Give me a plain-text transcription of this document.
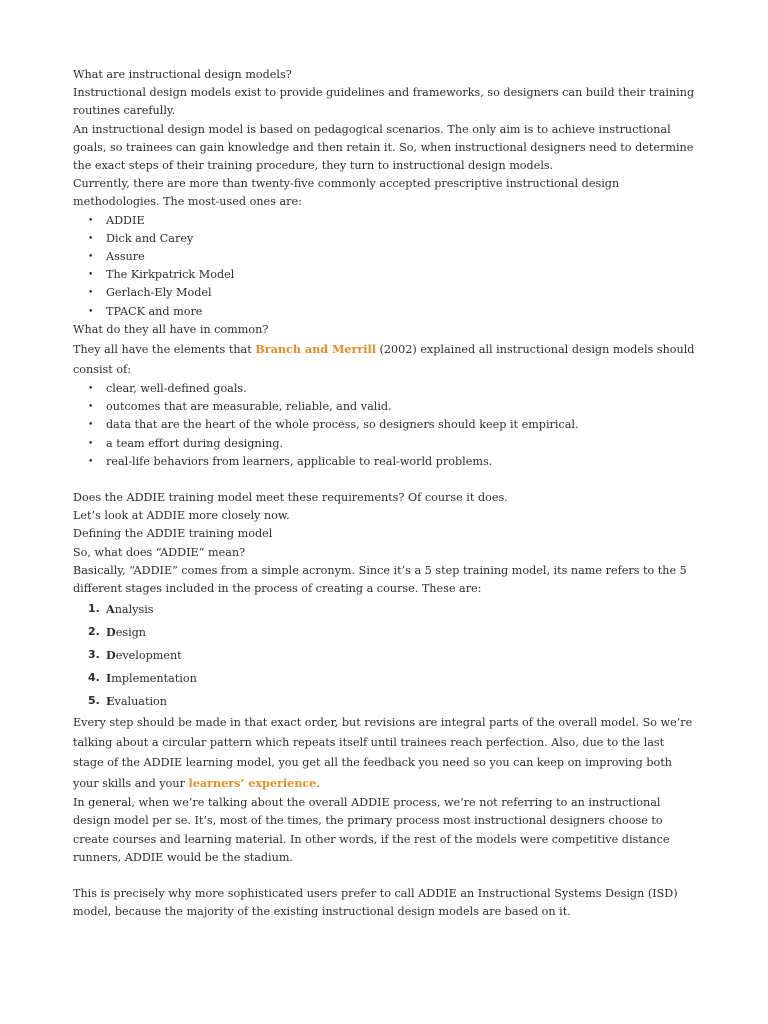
What are instructional design models?

Instructional design models exist to provide guidelines and frameworks, so designers can build their training routines carefully.

An instructional design model is based on pedagogical scenarios. The only aim is to achieve instructional goals, so trainees can gain knowledge and then retain it. So, when instructional designers need to determine the exact steps of their training procedure, they turn to instructional design models.

Currently, there are more than twenty-five commonly accepted prescriptive instructional design methodologies. The most-used ones are:

• ADDIE
• Dick and Carey
• Assure
• The Kirkpatrick Model
• Gerlach-Ely Model
• TPACK and more

What do they all have in common?

They all have the elements that Branch and Merrill (2002) explained all instructional design models should consist of:

• clear, well-defined goals.
• outcomes that are measurable, reliable, and valid.
• data that are the heart of the whole process, so designers should keep it empirical.
• a team effort during designing.
• real-life behaviors from learners, applicable to real-world problems.

Does the ADDIE training model meet these requirements? Of course it does.

Let’s look at ADDIE more closely now.

Defining the ADDIE training model

So, what does “ADDIE” mean?

Basically, “ADDIE” comes from a simple acronym. Since it’s a 5 step training model, its name refers to the 5 different stages included in the process of creating a course. These are:

1. Analysis
2. Design
3. Development
4. Implementation
5. Evaluation

Every step should be made in that exact order, but revisions are integral parts of the overall model. So we’re talking about a circular pattern which repeats itself until trainees reach perfection. Also, due to the last stage of the ADDIE learning model, you get all the feedback you need so you can keep on improving both your skills and your learners’ experience.

In general, when we’re talking about the overall ADDIE process, we’re not referring to an instructional design model per se. It’s, most of the times, the primary process most instructional designers choose to create courses and learning material. In other words, if the rest of the models were competitive distance runners, ADDIE would be the stadium.

This is precisely why more sophisticated users prefer to call ADDIE an Instructional Systems Design (ISD) model, because the majority of the existing instructional design models are based on it.
